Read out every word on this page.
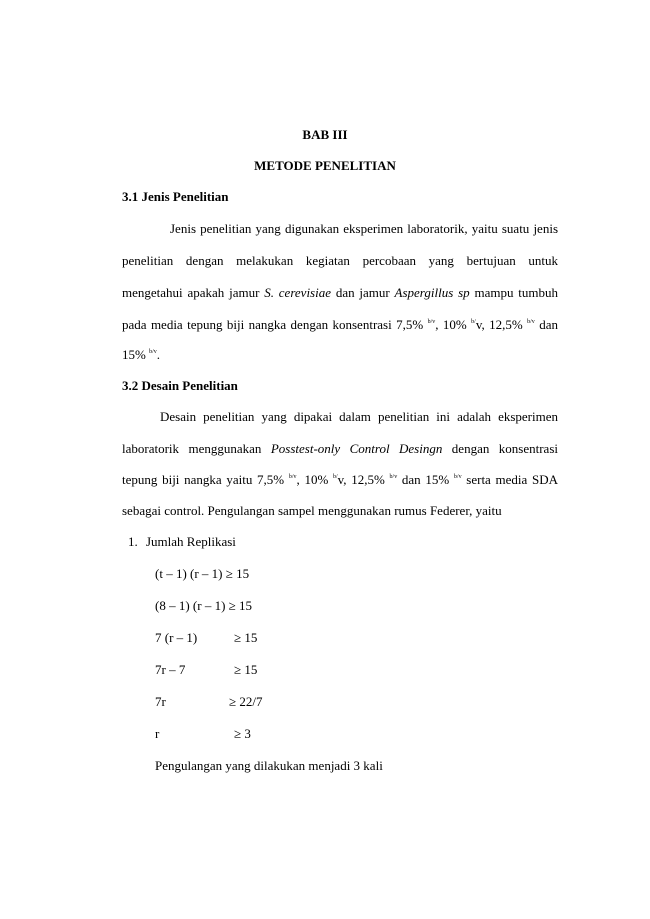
BAB III
METODE PENELITIAN
3.1 Jenis Penelitian
Jenis penelitian yang digunakan eksperimen laboratorik, yaitu suatu jenis
penelitian dengan melakukan kegiatan percobaan yang bertujuan untuk
mengetahui apakah jamur S. cerevisiae dan jamur Aspergillus sp mampu tumbuh
pada media tepung biji nangka dengan konsentrasi 7,5% $^{b/v}$, 10% $^{b/}$v, 12,5% $^{b/v}$ dan
15% $^{b/v}$.
3.2 Desain Penelitian
Desain penelitian yang dipakai dalam penelitian ini adalah eksperimen
laboratorik menggunakan Posstest-only Control Desingn dengan konsentrasi
tepung biji nangka yaitu 7,5% $^{b/v}$, 10% $^{b/}$v, 12,5% $^{b/v}$ dan 15% $^{b/v}$ serta media SDA
sebagai control. Pengulangan sampel menggunakan rumus Federer, yaitu
1. Jumlah Replikasi
(t – 1) (r – 1) ≥ 15
(8 – 1) (r – 1) ≥ 15
7 (r – 1)	≥ 15
7r – 7	≥ 15
7r	≥ 22/7
r	≥ 3
Pengulangan yang dilakukan menjadi 3 kali
